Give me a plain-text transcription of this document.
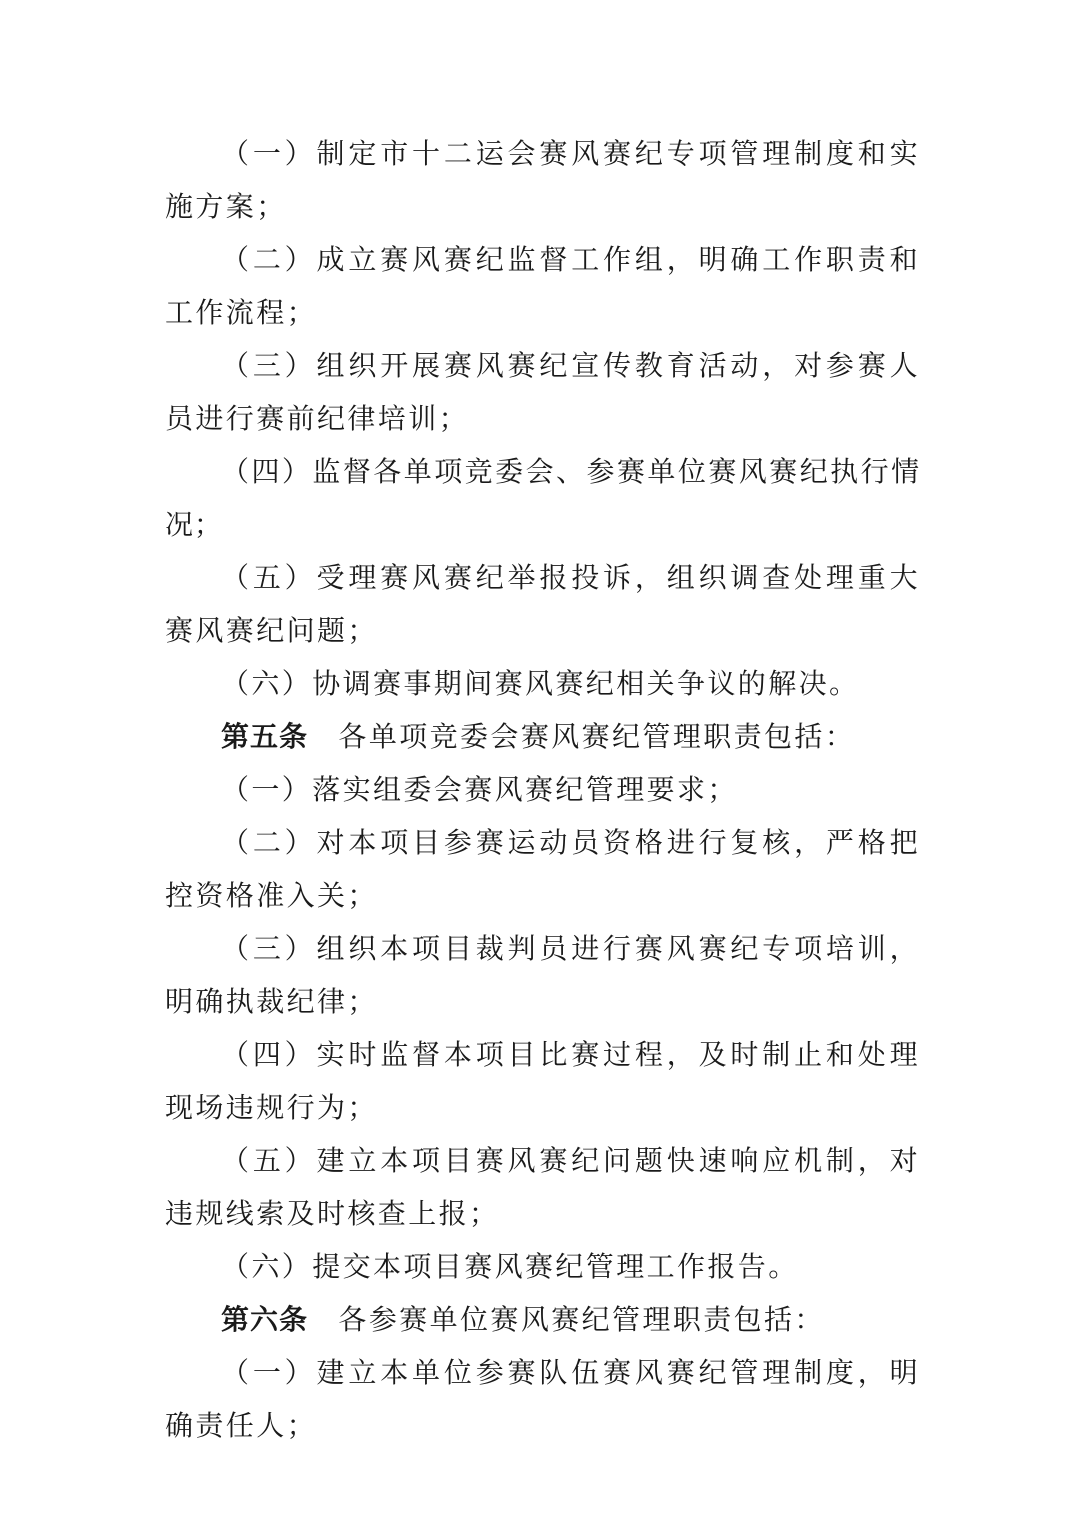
（一）制定市十二运会赛风赛纪专项管理制度和实施方案；

（二）成立赛风赛纪监督工作组，明确工作职责和工作流程；

（三）组织开展赛风赛纪宣传教育活动，对参赛人员进行赛前纪律培训；

（四）监督各单项竞委会、参赛单位赛风赛纪执行情况；

（五）受理赛风赛纪举报投诉，组织调查处理重大赛风赛纪问题；

（六）协调赛事期间赛风赛纪相关争议的解决。

第五条　 各单项竞委会赛风赛纪管理职责包括：

（一）落实组委会赛风赛纪管理要求；

（二）对本项目参赛运动员资格进行复核，严格把控资格准入关；

（三）组织本项目裁判员进行赛风赛纪专项培训，明确执裁纪律；

（四）实时监督本项目比赛过程，及时制止和处理现场违规行为；

（五）建立本项目赛风赛纪问题快速响应机制，对违规线索及时核查上报；

（六）提交本项目赛风赛纪管理工作报告。

第六条　 各参赛单位赛风赛纪管理职责包括：

（一）建立本单位参赛队伍赛风赛纪管理制度，明确责任人；
